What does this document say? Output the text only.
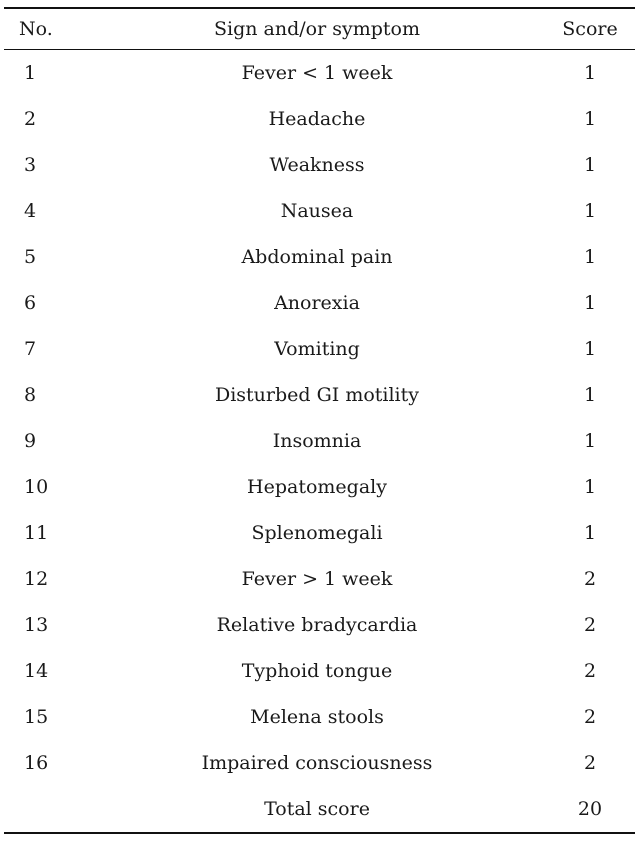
No.	Sign and/or symptom	Score
1	Fever < 1 week	1
2	Headache	1
3	Weakness	1
4	Nausea	1
5	Abdominal pain	1
6	Anorexia	1
7	Vomiting	1
8	Disturbed GI motility	1
9	Insomnia	1
10	Hepatomegaly	1
11	Splenomegali	1
12	Fever > 1 week	2
13	Relative bradycardia	2
14	Typhoid tongue	2
15	Melena stools	2
16	Impaired consciousness	2
	Total score	20
